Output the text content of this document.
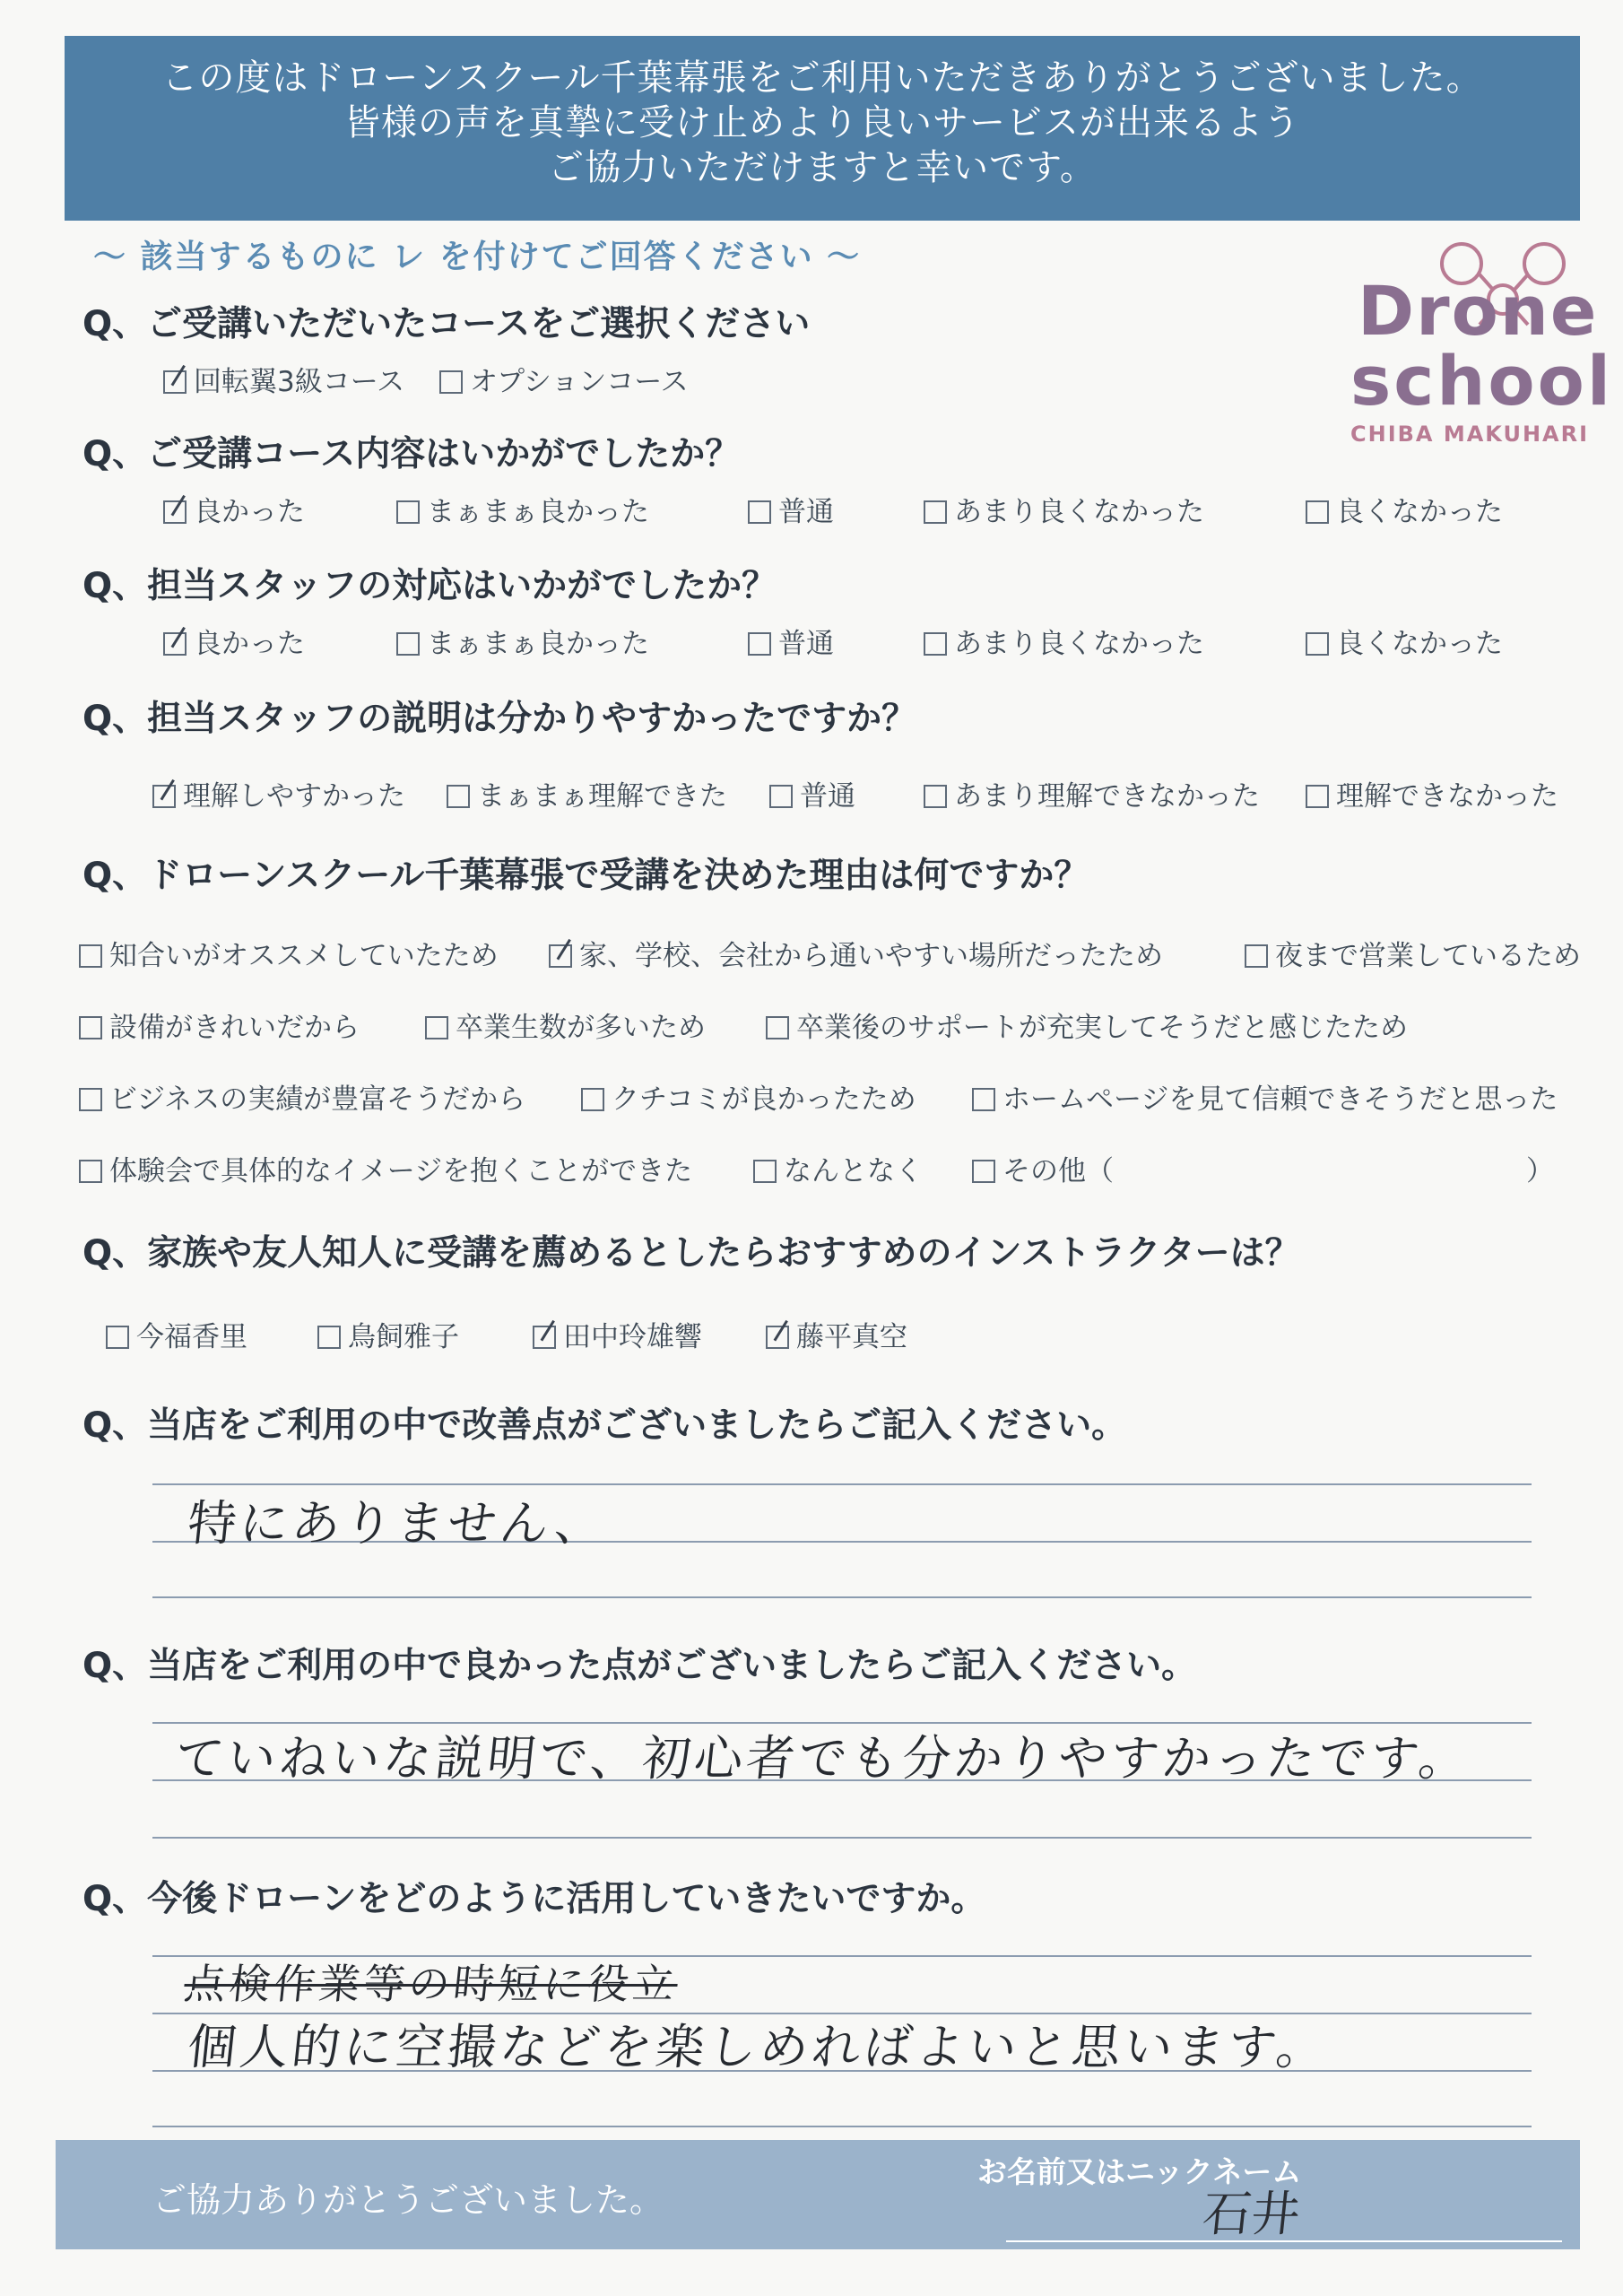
この度はドローンスクール千葉幕張をご利用いただきありがとうございました。
皆様の声を真摯に受け止めより良いサービスが出来るよう
ご協力いただけますと幸いです。
～ 該当するものに レ を付けてご回答ください ～
Drone
school
CHIBA MAKUHARI
Q、ご受講いただいたコースをご選択ください
回転翼3級コース	オプションコース
Q、ご受講コース内容はいかがでしたか？
良かった	まぁまぁ良かった	普通	あまり良くなかった	良くなかった
Q、担当スタッフの対応はいかがでしたか？
良かった	まぁまぁ良かった	普通	あまり良くなかった	良くなかった
Q、担当スタッフの説明は分かりやすかったですか？
理解しやすかった	まぁまぁ理解できた	普通	あまり理解できなかった	理解できなかった
Q、ドローンスクール千葉幕張で受講を決めた理由は何ですか？
知合いがオススメしていたため	家、学校、会社から通いやすい場所だったため	夜まで営業しているため
設備がきれいだから	卒業生数が多いため	卒業後のサポートが充実してそうだと感じたため
ビジネスの実績が豊富そうだから	クチコミが良かったため	ホームページを見て信頼できそうだと思った
体験会で具体的なイメージを抱くことができた	なんとなく	その他（	）
Q、家族や友人知人に受講を薦めるとしたらおすすめのインストラクターは？
今福香里	鳥飼雅子	田中玲雄響	藤平真空
Q、当店をご利用の中で改善点がございましたらご記入ください。
特にありません、
Q、当店をご利用の中で良かった点がございましたらご記入ください。
ていねいな説明で、初心者でも分かりやすかったです。
Q、今後ドローンをどのように活用していきたいですか。
点検作業等の時短に役立
個人的に空撮などを楽しめればよいと思います。
ご協力ありがとうございました。
お名前又はニックネーム
石井
